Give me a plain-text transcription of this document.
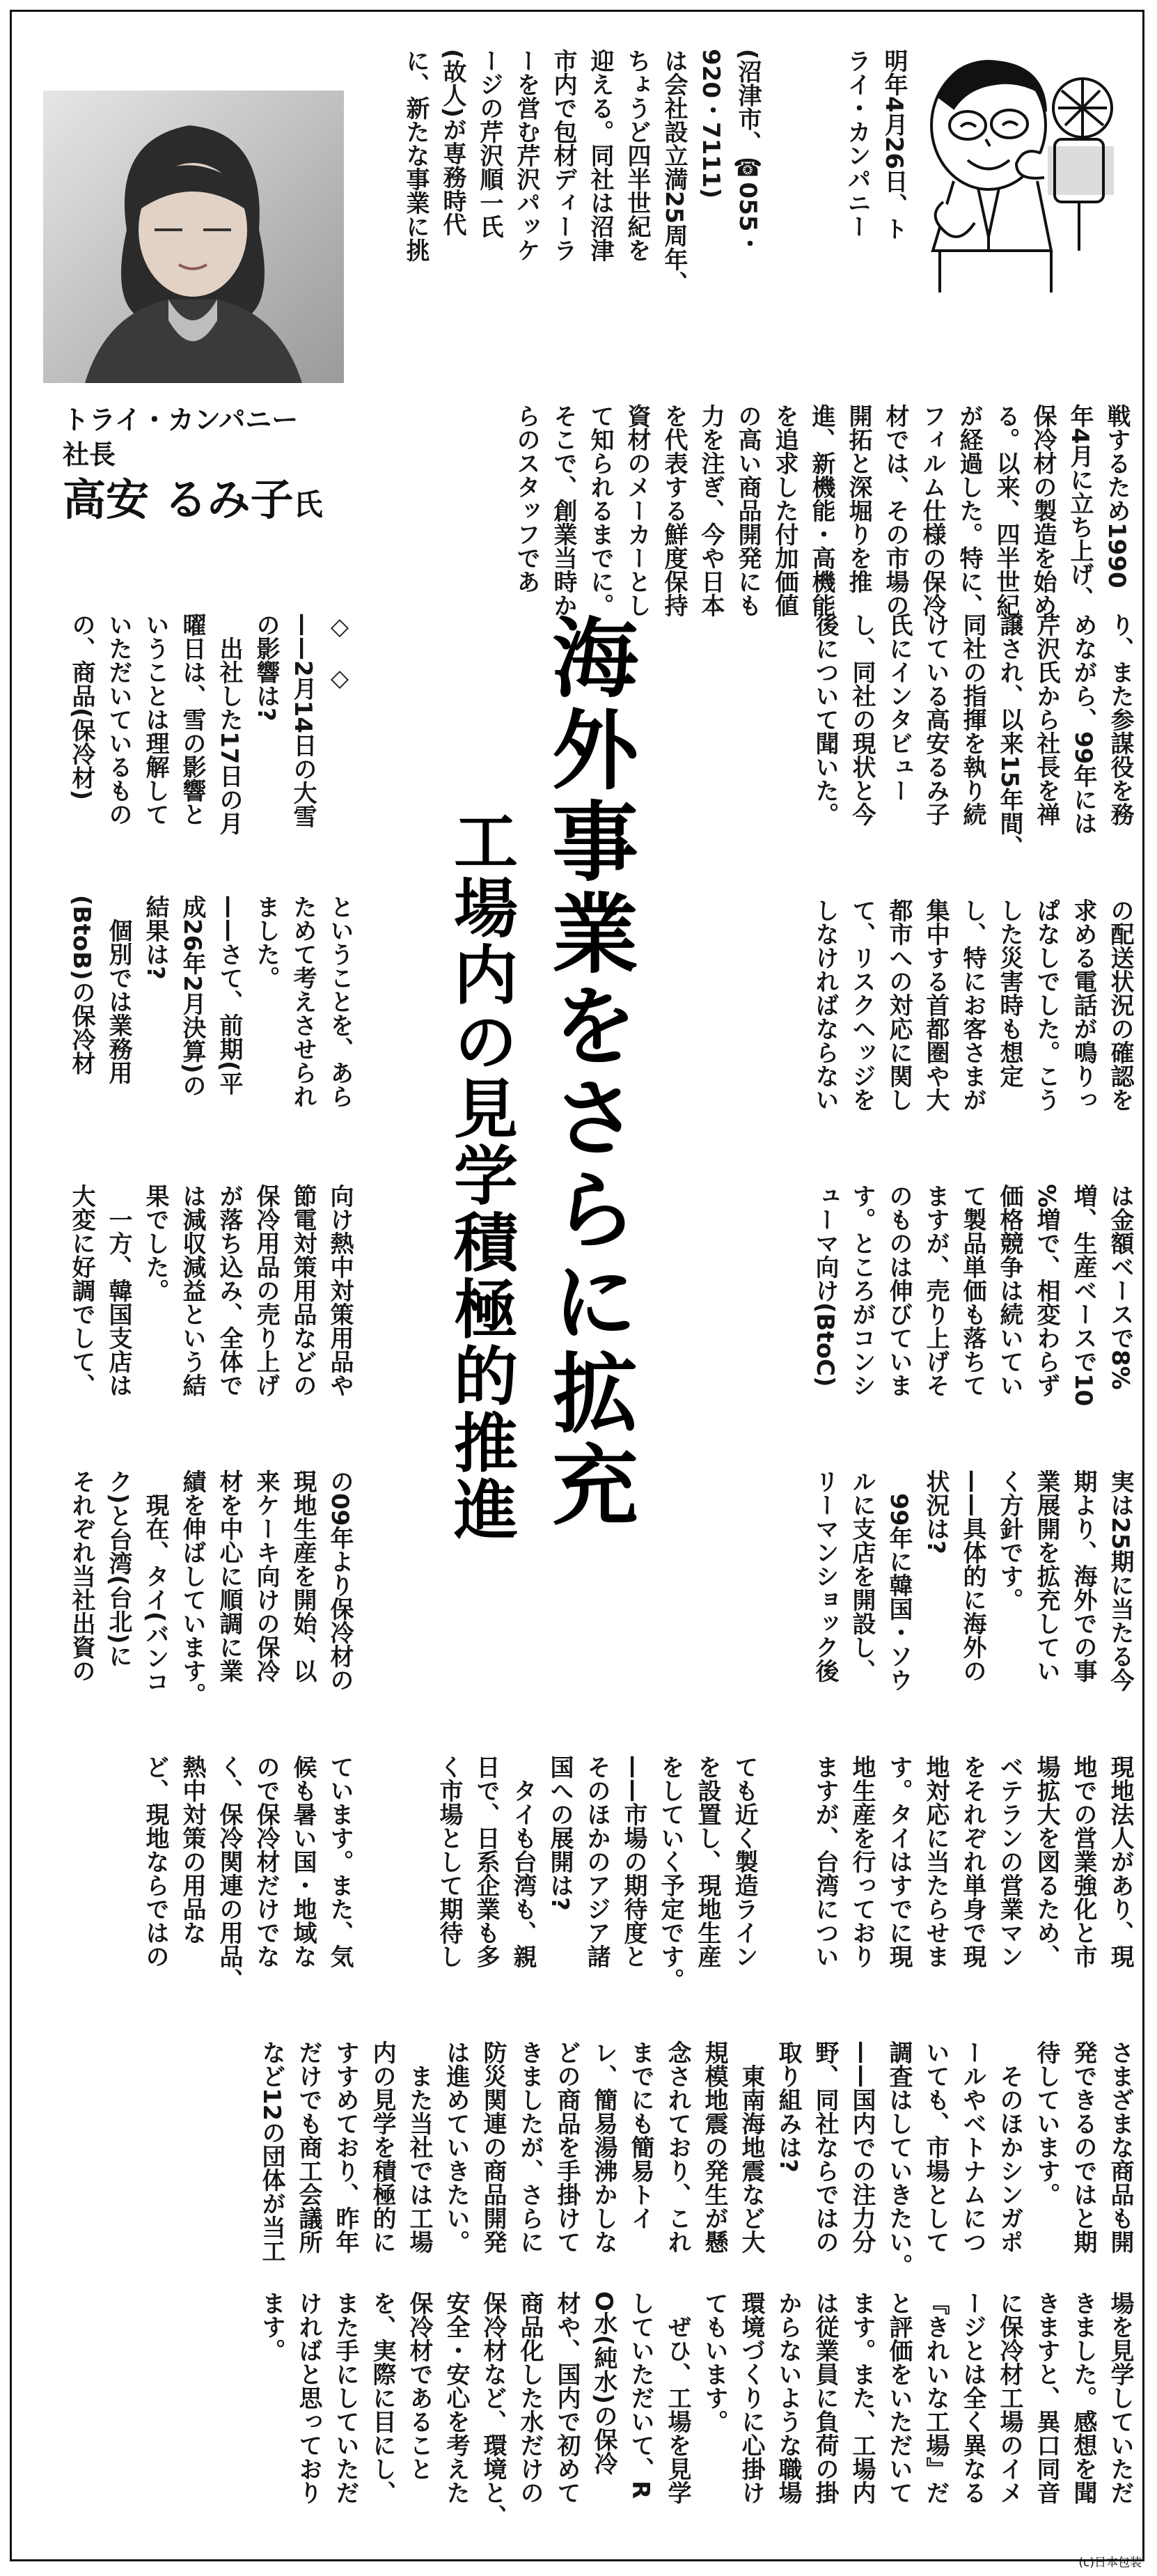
明年4月26日、ト
ライ・カンパニー
(沼津市、☎055・
920・7111)
は会社設立満25周年、
ちょうど四半世紀を
迎える。同社は沼津
市内で包材ディーラ
ーを営む芹沢パッケ
ージの芹沢順一氏
(故人)が専務時代
に、新たな事業に挑
トライ・カンパニー
社長
高安 るみ子氏	戦するため1990
年4月に立ち上げ、
保冷材の製造を始め
る。以来、四半世紀
が経過した。特に、
フィルム仕様の保冷
材では、その市場の
開拓と深堀りを推
進、新機能・高機能
を追求した付加価値
の高い商品開発にも
力を注ぎ、今や日本
を代表する鮮度保持
資材のメーカーとし
て知られるまでに。
そこで、創業当時か
らのスタッフであ
り、また参謀役を務
めながら、99年には
芹沢氏から社長を禅
譲され、以来15年間、
同社の指揮を執り続
けている高安るみ子
氏にインタビュー
し、同社の現状と今
後について聞いた。
の配送状況の確認を
求める電話が鳴りっ
ぱなしでした。こう
した災害時も想定
し、特にお客さまが
集中する首都圏や大
都市への対応に関し
て、リスクヘッジを
しなければならない
は金額ベースで8%
増、生産ベースで10
%増で、相変わらず
価格競争は続いてい
て製品単価も落ちて
ますが、売り上げそ
のものは伸びていま
す。ところがコンシ
ューマ向け(BtoC)
実は25期に当たる今
期より、海外での事
業展開を拡充してい
く方針です。
——具体的に海外の
状況は?
　99年に韓国・ソウ
ルに支店を開設し、
リーマンショック後
◇　◇
——2月14日の大雪
の影響は?
　出社した17日の月
曜日は、雪の影響と
いうことは理解して
いただいているもの
の、商品(保冷材)
ということを、あら
ためて考えさせられ
ました。
——さて、前期(平
成26年2月決算)の
結果は?
　個別では業務用
(BtoB)の保冷材
向け熱中対策用品や
節電対策用品などの
保冷用品の売り上げ
が落ち込み、全体で
は減収減益という結
果でした。
　一方、韓国支店は
大変に好調でして、
の09年より保冷材の
現地生産を開始、以
来ケーキ向けの保冷
材を中心に順調に業
績を伸ばしています。
　現在、タイ(バンコ
ク)と台湾(台北)に
それぞれ当社出資の
現地法人があり、現
地での営業強化と市
場拡大を図るため、
ベテランの営業マン
をそれぞれ単身で現
地対応に当たらせま
す。タイはすでに現
地生産を行っており
ますが、台湾につい
ても近く製造ライン
を設置し、現地生産
をしていく予定です。
——市場の期待度と
そのほかのアジア諸
国への展開は?
　タイも台湾も、親
日で、日系企業も多
く市場として期待し
ています。また、気
候も暑い国・地域な
ので保冷材だけでな
く、保冷関連の用品、
熱中対策の用品な
ど、現地ならではの
さまざまな商品も開
発できるのではと期
待しています。
　そのほかシンガポ
ールやベトナムにつ
いても、市場として
調査はしていきたい。
——国内での注力分
野、同社ならではの
取り組みは?
　東南海地震など大
規模地震の発生が懸
念されており、これ
までにも簡易トイ
レ、簡易湯沸かしな
どの商品を手掛けて
きましたが、さらに
防災関連の商品開発
は進めていきたい。
　また当社では工場
内の見学を積極的に
すすめており、昨年
だけでも商工会議所
など12の団体が当工
場を見学していただ
きました。感想を聞
きますと、異口同音
に保冷材工場のイメ
ージとは全く異なる
『きれいな工場』だ
と評価をいただいて
ます。また、工場内
は従業員に負荷の掛
からないような職場
環境づくりに心掛け
てもいます。
　ぜひ、工場を見学
していただいて、R
O水(純水)の保冷
材や、国内で初めて
商品化した水だけの
保冷材など、環境と、
安全・安心を考えた
保冷材であること
を、実際に目にし、
また手にしていただ
ければと思っており
ます。
海外事業をさらに拡充
工場内の見学積極的推進
(c)日本包装
